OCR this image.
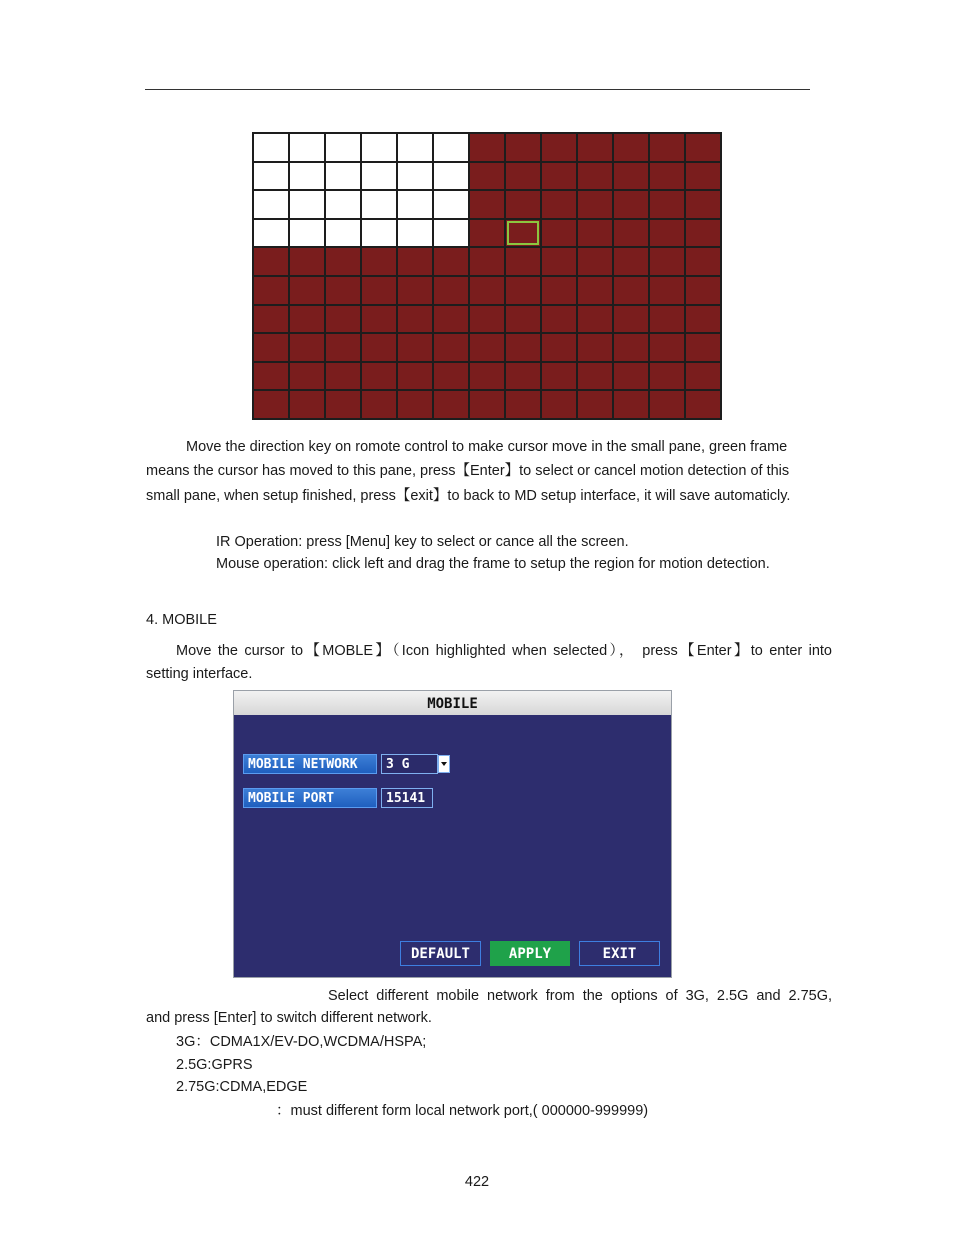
Move the direction key on romote control to make cursor move in the small pane, green frame
means the cursor has moved to this pane, press【Enter】to select or cancel motion detection of this
small pane, when setup finished, press【exit】to back to MD setup interface, it will save automaticly.
IR Operation: press [Menu] key to select or cance all the screen.
Mouse operation: click left and drag the frame to setup the region for motion detection.
4. MOBILE
Move the cursor to【MOBLE】（Icon highlighted when selected）， press【Enter】to enter into
setting interface.
MOBILE
MOBILE NETWORK	3 G
MOBILE PORT	15141
DEFAULT	APPLY	EXIT
Select different mobile network from the options of 3G, 2.5G and 2.75G,
and press [Enter] to switch different network.
3G：CDMA1X/EV-DO,WCDMA/HSPA;
2.5G:GPRS
2.75G:CDMA,EDGE
：must different form local network port,( 000000-999999)
422
